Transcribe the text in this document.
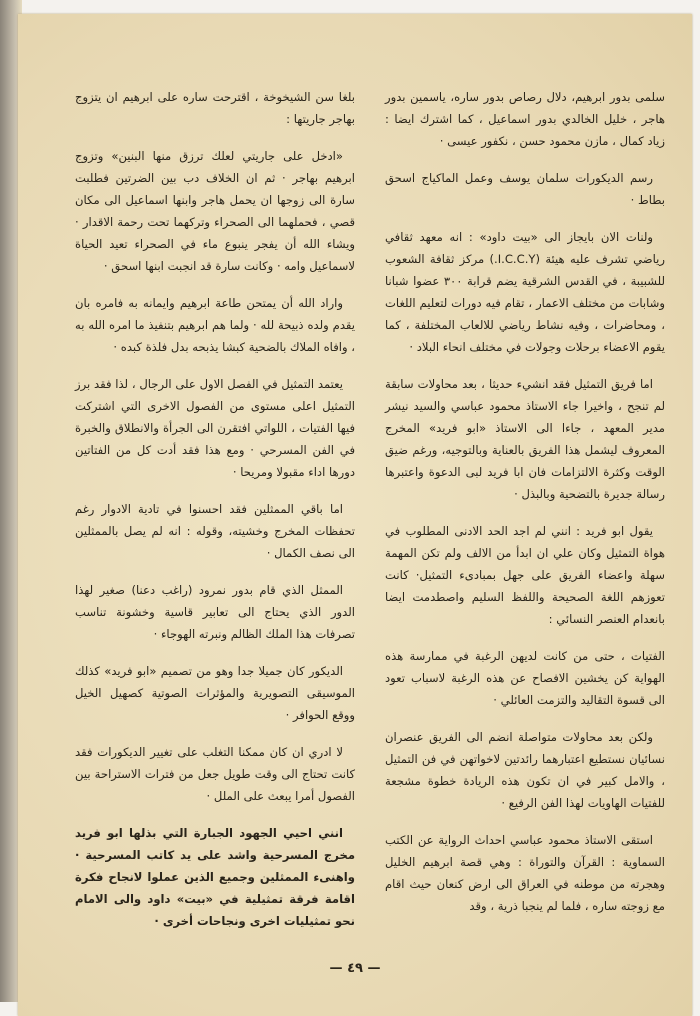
سلمى بدور ابرهيم، دلال رصاص بدور ساره، ياسمين بدور هاجر ، خليل الخالدي بدور اسماعيل ، كما اشترك ايضا : زياد كمال ، مازن محمود حسن ، نكفور عيسى ·

رسم الديكورات سلمان يوسف وعمل الماكياج اسحق بطاط ·

ولنات الان بايجاز الى «بيت داود» : انه معهد ثقافي رياضي تشرف عليه هيئة (I.C.C.Y.) مركز ثقافة الشعوب للشبيبة ، في القدس الشرقية يضم قرابة ٣٠٠ عضوا شبانا وشابات من مختلف الاعمار ، تقام فيه دورات لتعليم اللغات ، ومحاضرات ، وفيه نشاط رياضي للالعاب المختلفة ، كما يقوم الاعضاء برحلات وجولات في مختلف انحاء البلاد ·

اما فريق التمثيل فقد انشيء حديثا ، بعد محاولات سابقة لم تنجح ، واخيرا جاء الاستاذ محمود عباسي والسيد نيشر مدير المعهد ، جاءا الى الاستاذ «ابو فريد» المخرج المعروف ليشمل هذا الفريق بالعناية وبالتوجيه، ورغم ضيق الوقت وكثرة الالتزامات فان ابا فريد لبى الدعوة واعتبرها رسالة جديرة بالتضحية وبالبذل ·

يقول ابو فريد : انني لم اجد الحد الادنى المطلوب في هواة التمثيل وكان علي ان ابدأ من الالف ولم تكن المهمة سهلة واعضاء الفريق على جهل بمبادىء التمثيل· كانت تعوزهم اللغة الصحيحة واللفظ السليم واصطدمت ايضا بانعدام العنصر النسائي :

الفتيات ، حتى من كانت لديهن الرغبة في ممارسة هذه الهواية كن يخشين الافصاح عن هذه الرغبة لاسباب تعود الى قسوة التقاليد والتزمت العائلي ·

ولكن بعد محاولات متواصلة انضم الى الفريق عنصران نسائيان نستطيع اعتبارهما رائدتين لاخواتهن في فن التمثيل ، والامل كبير في ان تكون هذه الريادة خطوة مشجعة للفتيات الهاويات لهذا الفن الرفيع ·

استقى الاستاذ محمود عباسي احداث الرواية عن الكتب السماوية : القرآن والتوراة : وهي قصة ابرهيم الخليل وهجرته من موطنه في العراق الى ارض كنعان حيث اقام مع زوجته ساره ، فلما لم ينجبا ذرية ، وقد

بلغا سن الشيخوخة ، اقترحت ساره على ابرهيم ان يتزوج بهاجر جاريتها :

«ادخل على جاريتي لعلك ترزق منها البنين» وتزوج ابرهيم بهاجر · ثم ان الخلاف دب بين الضرتين فطلبت سارة الى زوجها ان يحمل هاجر وابنها اسماعيل الى مكان قصي ، فحملهما الى الصحراء وتركهما تحت رحمة الاقدار · ويشاء الله أن يفجر ينبوع ماء في الصحراء تعيد الحياة لاسماعيل وامه · وكانت سارة قد انجبت ابنها اسحق ·

واراد الله أن يمتحن طاعة ابرهيم وايمانه به فامره بان يقدم ولده ذبيحة لله · ولما هم ابرهيم بتنفيذ ما امره الله به ، وافاه الملاك بالضحية كبشا يذبحه بدل فلذة كبده ·

يعتمد التمثيل في الفصل الاول على الرجال ، لذا فقد برز التمثيل اعلى مستوى من الفصول الاخرى التي اشتركت فيها الفتيات ، اللواتي افتقرن الى الجرأة والانطلاق والخبرة في الفن المسرحي · ومع هذا فقد أدت كل من الفتاتين دورها اداء مقبولا ومريحا ·

اما باقي الممثلين فقد احسنوا في تادية الادوار رغم تحفظات المخرج وخشيته، وقوله : انه لم يصل بالممثلين الى نصف الكمال ·

الممثل الذي قام بدور نمرود (راغب دعنا) صغير لهذا الدور الذي يحتاج الى تعابير قاسية وخشونة تناسب تصرفات هذا الملك الظالم ونبرته الهوجاء ·

الديكور كان جميلا جدا وهو من تصميم «ابو فريد» كذلك الموسيقى التصويرية والمؤثرات الصوتية كصهيل الخيل ووقع الحوافر ·

لا ادري ان كان ممكنا التغلب على تغيير الديكورات فقد كانت تحتاج الى وقت طويل جعل من فترات الاستراحة بين الفصول أمرا يبعث على الملل ·

انني احيي الجهود الجبارة التي بذلها ابو فريد مخرج المسرحية واشد على يد كاتب المسرحية · واهنىء الممثلين وجميع الذين عملوا لانجاح فكرة اقامة فرقة تمثيلية في «بيت» داود والى الامام نحو تمثيليات اخرى ونجاحات أخرى ·

— ٤٩ —
